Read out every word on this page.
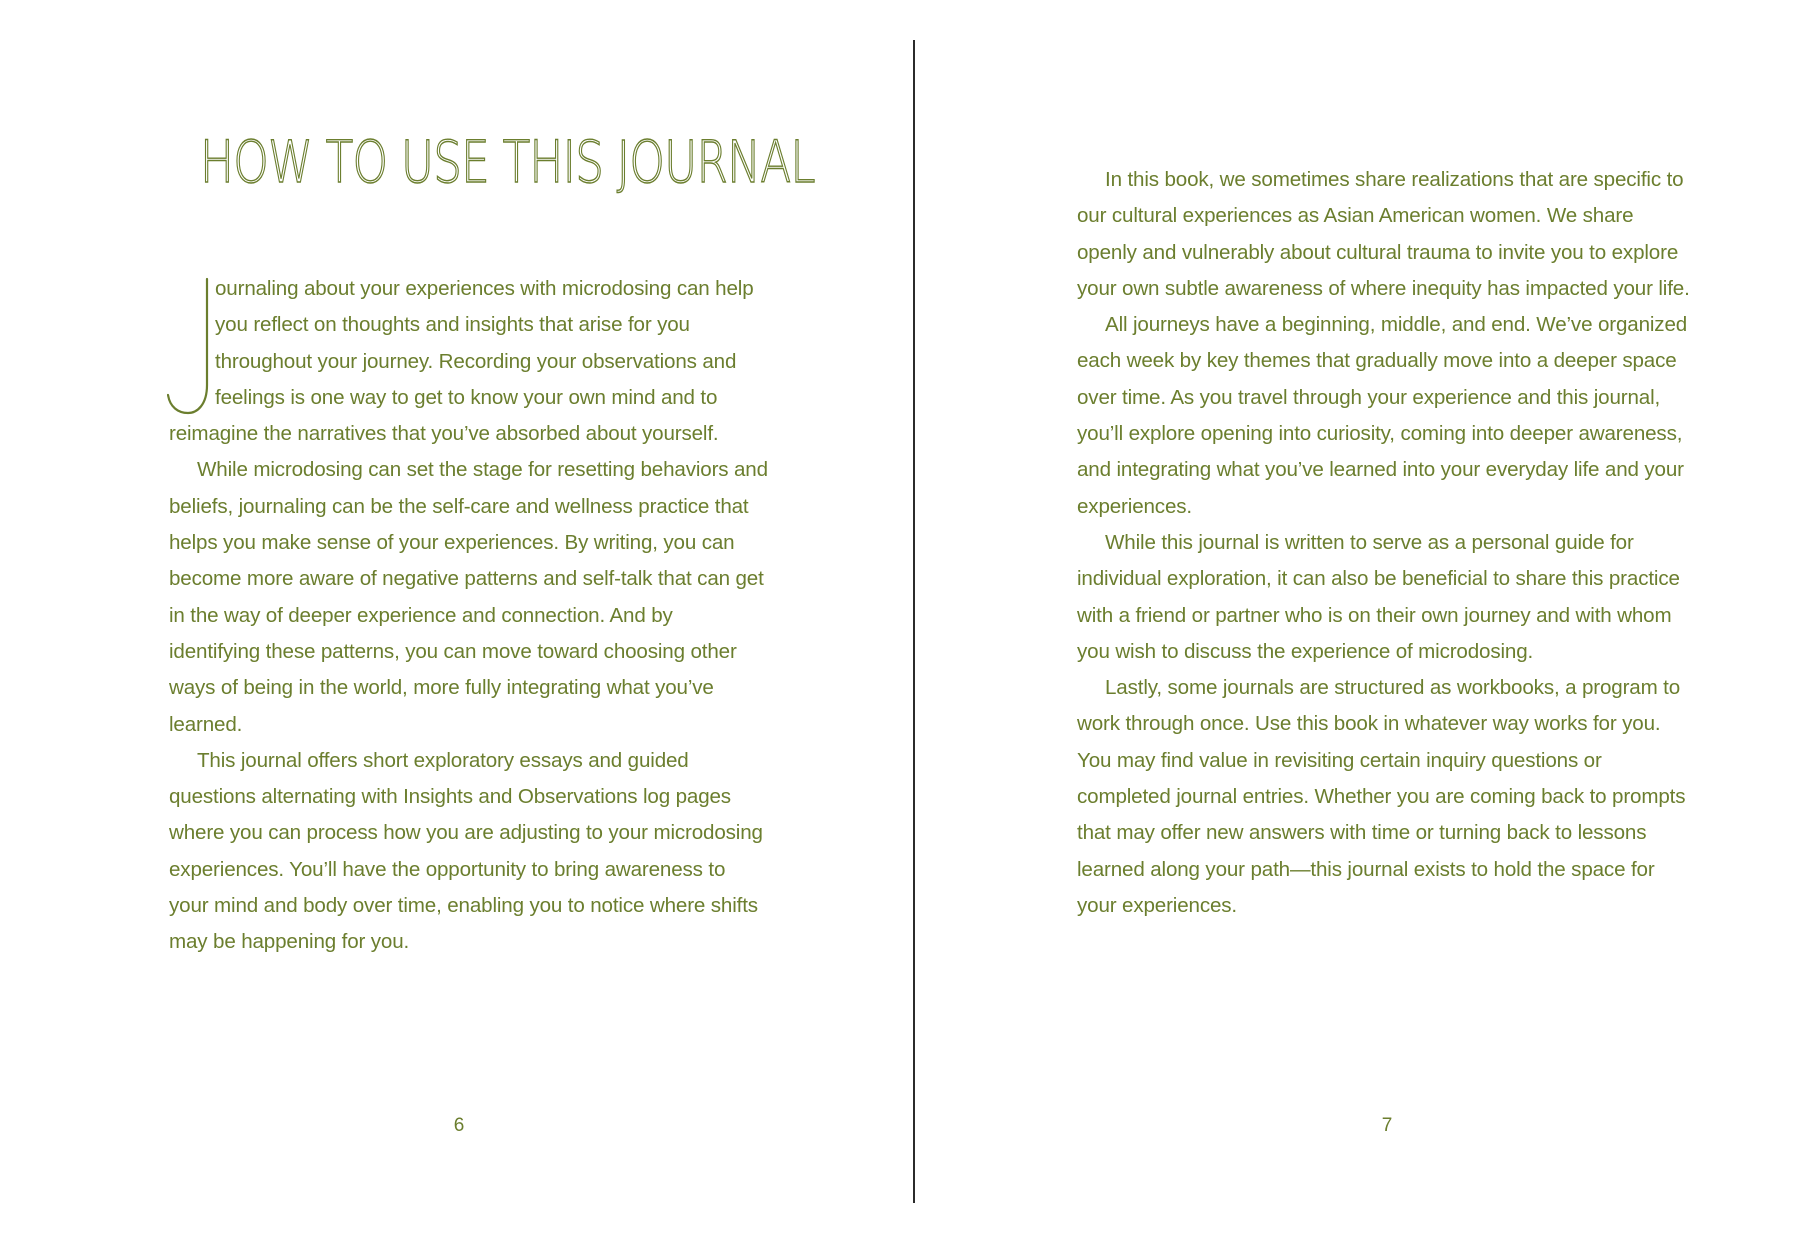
HOW TO USE THIS JOURNAL

ournaling about your experiences with microdosing can help you reflect on thoughts and insights that arise for you throughout your journey. Recording your observations and feelings is one way to get to know your own mind and to reimagine the narratives that you’ve absorbed about yourself.

While microdosing can set the stage for resetting behaviors and beliefs, journaling can be the self-care and wellness practice that helps you make sense of your experiences. By writing, you can become more aware of negative patterns and self-talk that can get in the way of deeper experience and connection. And by identifying these patterns, you can move toward choosing other ways of being in the world, more fully integrating what you’ve learned.

This journal offers short exploratory essays and guided questions alternating with Insights and Observations log pages where you can process how you are adjusting to your microdosing experiences. You’ll have the opportunity to bring awareness to your mind and body over time, enabling you to notice where shifts may be happening for you.

6

In this book, we sometimes share realizations that are specific to our cultural experiences as Asian American women. We share openly and vulnerably about cultural trauma to invite you to explore your own subtle awareness of where inequity has impacted your life.

All journeys have a beginning, middle, and end. We’ve organized each week by key themes that gradually move into a deeper space over time. As you travel through your experience and this journal, you’ll explore opening into curiosity, coming into deeper awareness, and integrating what you’ve learned into your everyday life and your experiences.

While this journal is written to serve as a personal guide for individual exploration, it can also be beneficial to share this practice with a friend or partner who is on their own journey and with whom you wish to discuss the experience of microdosing.

Lastly, some journals are structured as workbooks, a program to work through once. Use this book in whatever way works for you. You may find value in revisiting certain inquiry questions or completed journal entries. Whether you are coming back to prompts that may offer new answers with time or turning back to lessons learned along your path—this journal exists to hold the space for your experiences.

7
